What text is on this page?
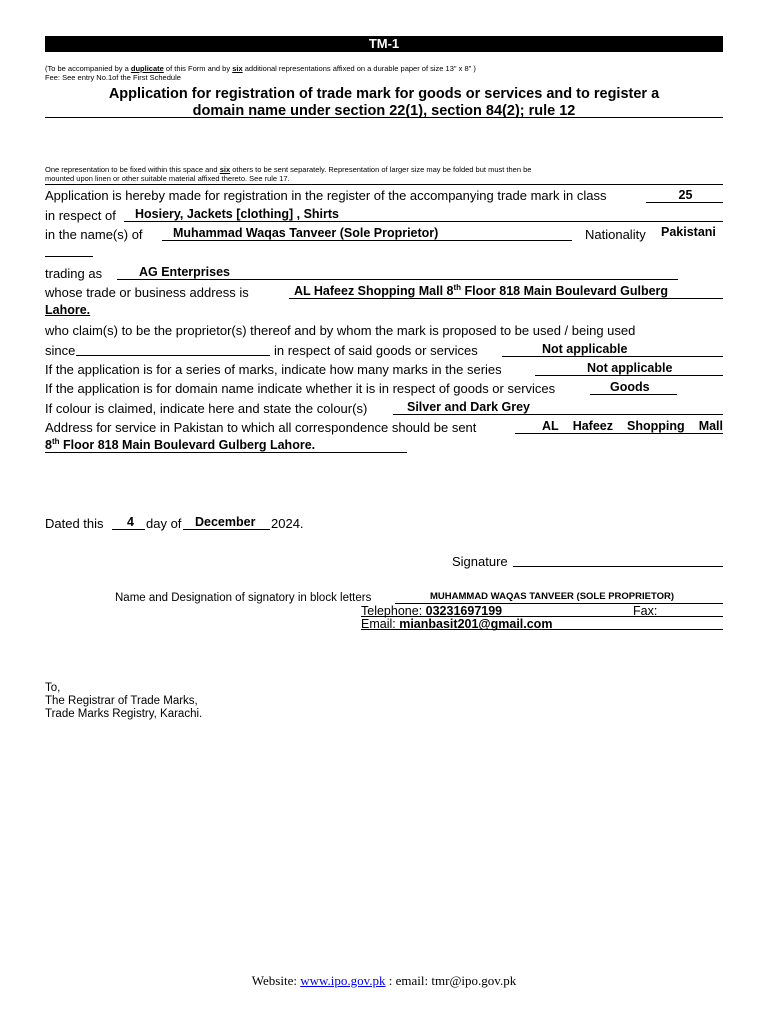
TM-1
(To be accompanied by a duplicate of this Form and by six additional representations affixed on a durable paper of size 13" x 8" )
Fee: See entry No.1of the First Schedule
Application for registration of trade mark for goods or services and to register a
domain name under section 22(1), section 84(2); rule 12
One representation to be fixed within this space and six others to be sent separately. Representation of larger size may be folded but must then be
mounted upon linen or other suitable material affixed thereto. See rule 17.
Application is hereby made for registration in the register of the accompanying trade mark in class	25
in respect of	Hosiery, Jackets [clothing] , Shirts
in the name(s) of	Muhammad Waqas Tanveer (Sole Proprietor)	Nationality Pakistani
trading as	AG Enterprises
whose trade or business address is	AL Hafeez Shopping Mall 8th Floor 818 Main Boulevard Gulberg
Lahore.
who claim(s) to be the proprietor(s) thereof and by whom the mark is proposed to be used / being used
since	in respect of said goods or services	Not applicable
If the application is for a series of marks, indicate how many marks in the series	Not applicable
If the application is for domain name indicate whether it is in respect of goods or services	Goods
If colour is claimed, indicate here and state the colour(s)	Silver and Dark Grey
Address for service in Pakistan to which all correspondence should be sent	AL Hafeez Shopping Mall
8th Floor 818 Main Boulevard Gulberg Lahore.
Dated this	4 day of	December	2024.
Signature
Name and Designation of signatory in block letters	MUHAMMAD WAQAS TANVEER (SOLE PROPRIETOR)
Telephone: 03231697199	Fax:
Email: mianbasit201@gmail.com
To,
The Registrar of Trade Marks,
Trade Marks Registry, Karachi.
Website: www.ipo.gov.pk : email: tmr@ipo.gov.pk
